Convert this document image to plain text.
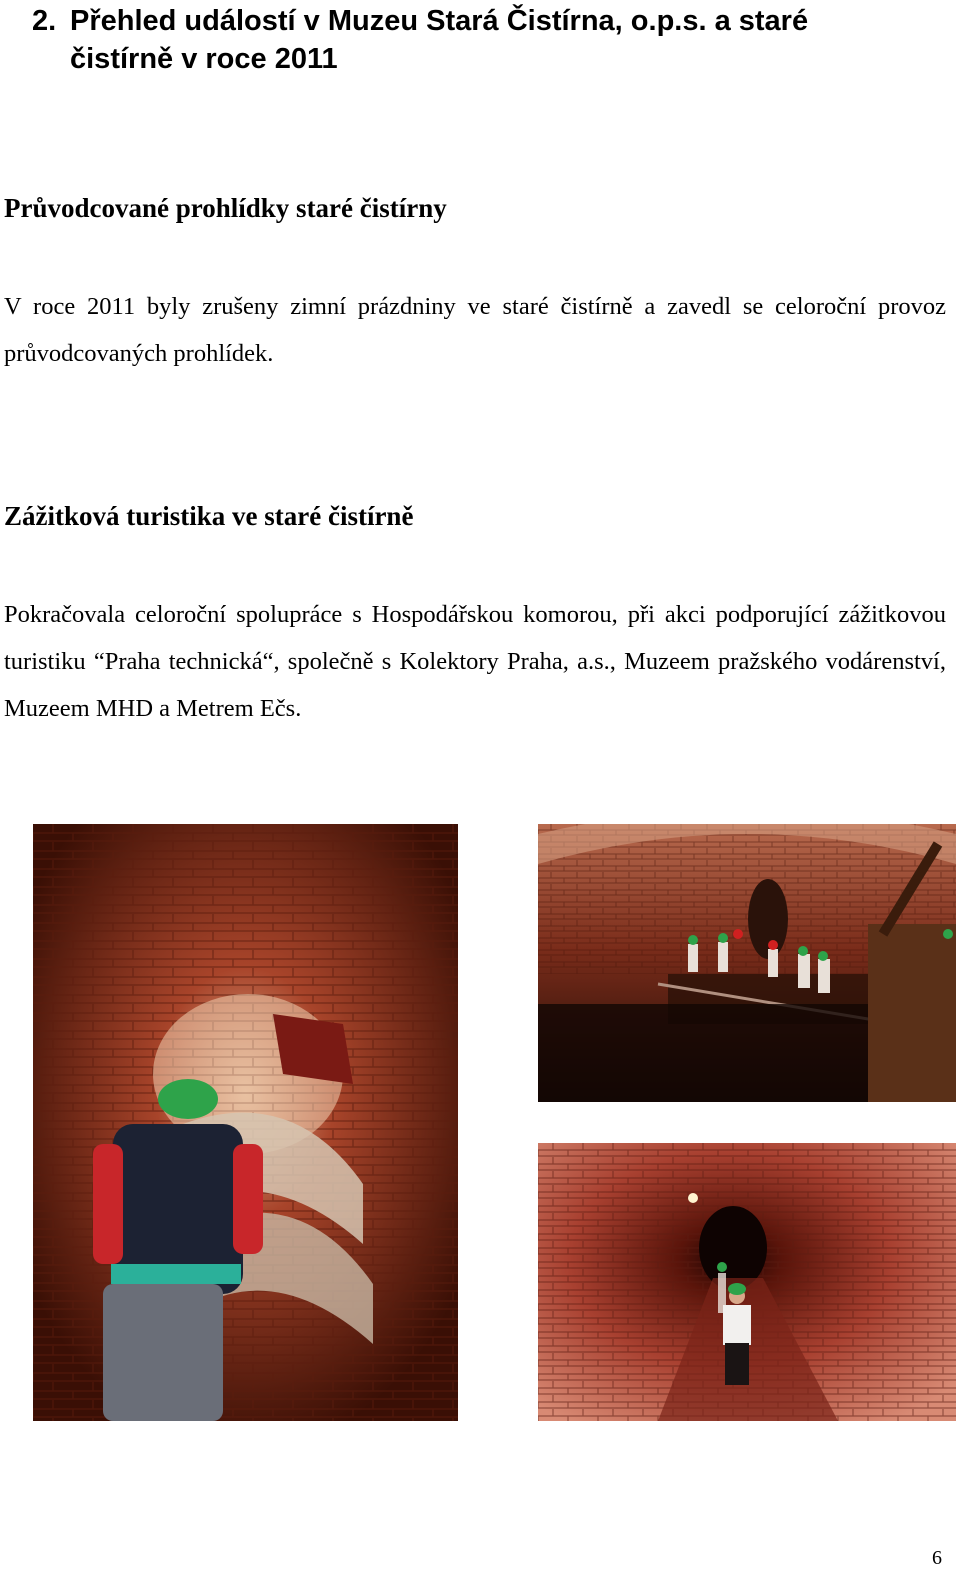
2. Přehled událostí v Muzeu Stará Čistírna, o.p.s. a staré
čistírně v roce 2011
Průvodcované prohlídky staré čistírny

V roce 2011 byly zrušeny zimní prázdniny ve staré čistírně a zavedl se celoroční provoz průvodcovaných prohlídek.

Zážitková turistika ve staré čistírně

Pokračovala celoroční spolupráce s Hospodářskou komorou, při akci podporující zážitkovou turistiku “Praha technická“, společně s Kolektory Praha, a.s., Muzeem pražského vodárenství, Muzeem MHD a Metrem Ečs.

6
